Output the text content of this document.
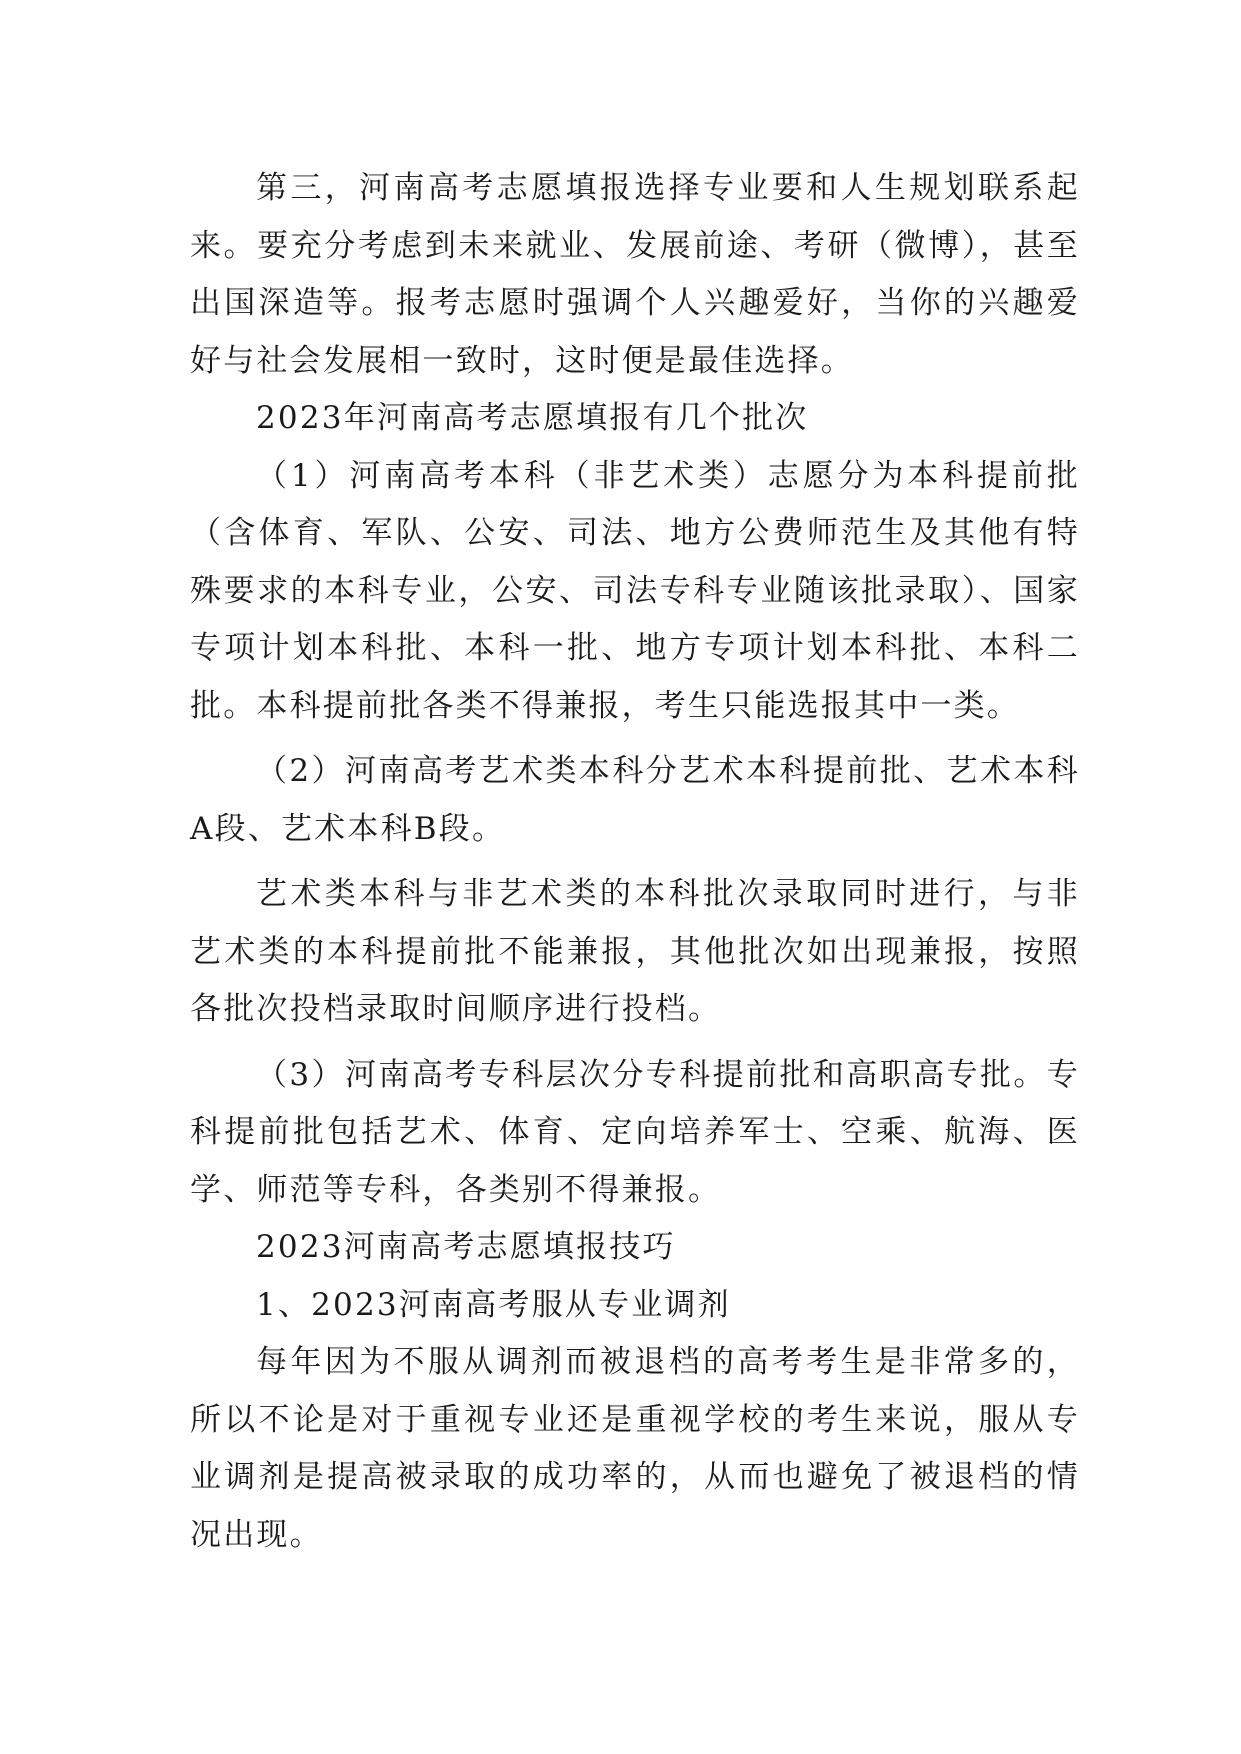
第三，河南高考志愿填报选择专业要和人生规划联系起来。要充分考虑到未来就业、发展前途、考研（微博），甚至出国深造等。报考志愿时强调个人兴趣爱好，当你的兴趣爱好与社会发展相一致时，这时便是最佳选择。

2023年河南高考志愿填报有几个批次

（1）河南高考本科（非艺术类）志愿分为本科提前批（含体育、军队、公安、司法、地方公费师范生及其他有特殊要求的本科专业，公安、司法专科专业随该批录取）、国家专项计划本科批、本科一批、地方专项计划本科批、本科二批。本科提前批各类不得兼报，考生只能选报其中一类。

（2）河南高考艺术类本科分艺术本科提前批、艺术本科A段、艺术本科B段。

艺术类本科与非艺术类的本科批次录取同时进行，与非艺术类的本科提前批不能兼报，其他批次如出现兼报，按照各批次投档录取时间顺序进行投档。

（3）河南高考专科层次分专科提前批和高职高专批。专科提前批包括艺术、体育、定向培养军士、空乘、航海、医学、师范等专科，各类别不得兼报。

2023河南高考志愿填报技巧

1、2023河南高考服从专业调剂

每年因为不服从调剂而被退档的高考考生是非常多的，所以不论是对于重视专业还是重视学校的考生来说，服从专业调剂是提高被录取的成功率的，从而也避免了被退档的情况出现。
